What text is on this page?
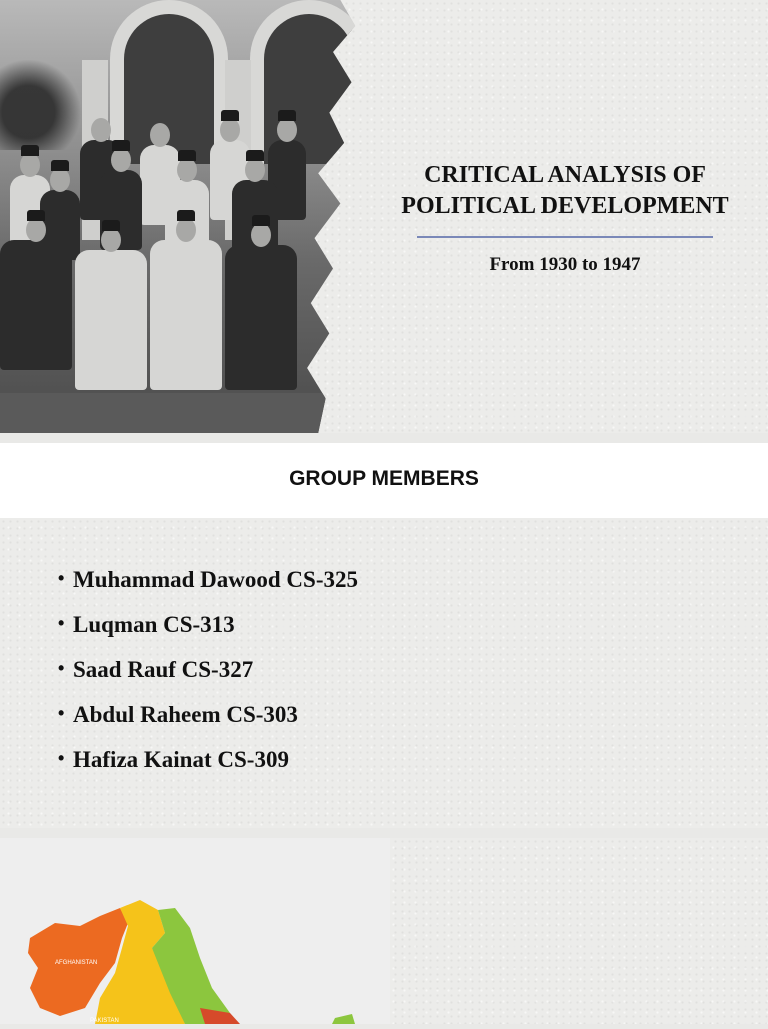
CRITICAL ANALYSIS OF

POLITICAL DEVELOPMENT

From 1930 to 1947

GROUP MEMBERS

• Muhammad Dawood CS-325
• Luqman CS-313
• Saad Rauf CS-327
• Abdul Raheem CS-303
• Hafiza Kainat CS-309
AFGHANISTAN
PAKISTAN
